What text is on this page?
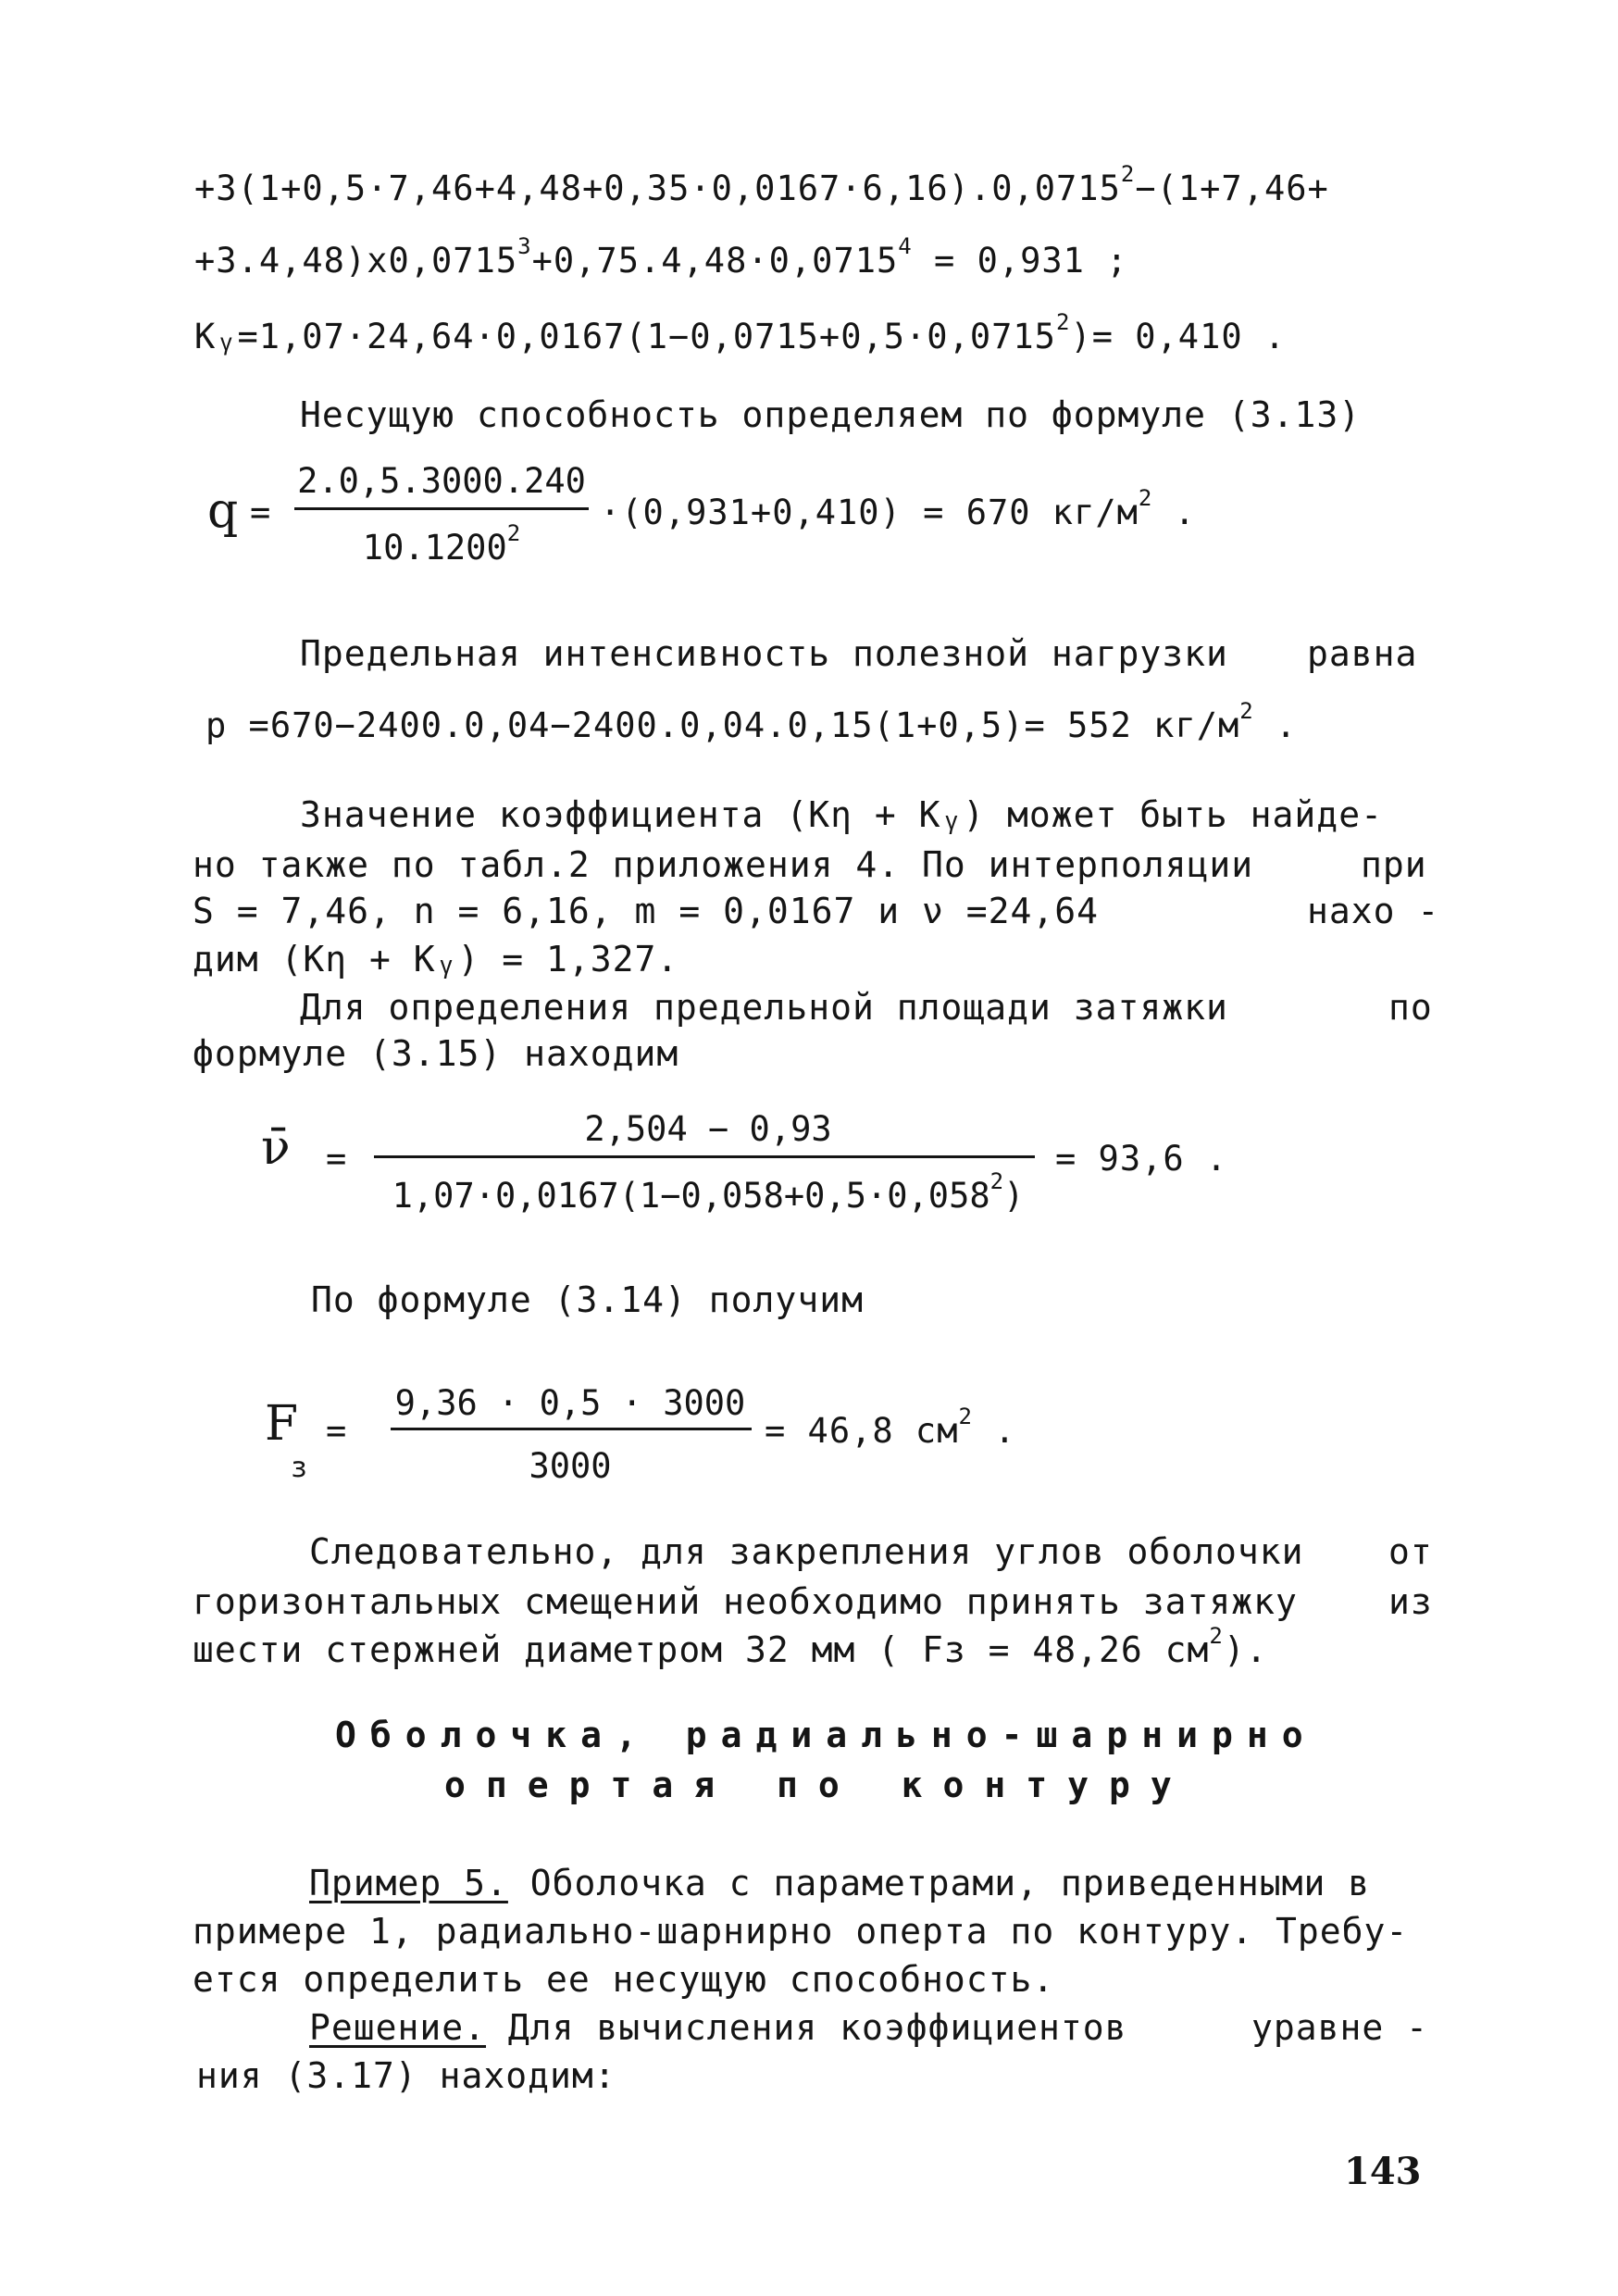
$+3(1+0,5\cdot 7,46+4,48+0,35\cdot 0,0167\cdot 6,16).0,0715^2-(1+7,46+$
$+3.4,48)x0,0715^3+0,75.4,48\cdot 0,0715^4 = 0,931$ ;
$Kᵧ=1,07\cdot 24,64\cdot 0,0167(1-0,0715+0,5\cdot 0,0715^2)= 0,410$ .
Несущую способность определяем по формуле (3.13)
q =
2.0,5.3000.240
$10.1200^2$
·(0,931+0,410) = 670 $кг/м^2$ .
Предельная интенсивность полезной нагрузки равна
p =670−2400.0,04−2400.0,04.0,15(1+0,5)= 552 $кг/м^2$ .
Значение коэффициента (Kη + Kᵧ) может быть найде-
но также по табл.2 приложения 4. По интерполяции	при
S = 7,46, n = 6,16, m = 0,0167 и ν =24,64	нахо -
дим (Kη + Kᵧ) = 1,327.
Для определения предельной площади затяжки	по
формуле (3.15) находим
ν̄ =
2,504 − 0,93
$1,07\cdot 0,0167(1-0,058+0,5\cdot 0,058^2)$
= 93,6 .
По формуле (3.14) получим
F
з
=
9,36 · 0,5 · 3000
3000
= 46,8 $см^2$ .
Следовательно, для закрепления углов оболочки от
горизонтальных смещений необходимо принять затяжку	из
шести стержней диаметром 32 мм ( Fз = 48,26 $см^2$).
Оболочка, радиально-шарнирно
опертая по контуру
Пример 5. Оболочка с параметрами, приведенными в
примере 1, радиально-шарнирно оперта по контуру. Требу-
ется определить ее несущую способность.
Решение. Для вычисления коэффициентов	уравне -
ния (3.17) находим:
143
